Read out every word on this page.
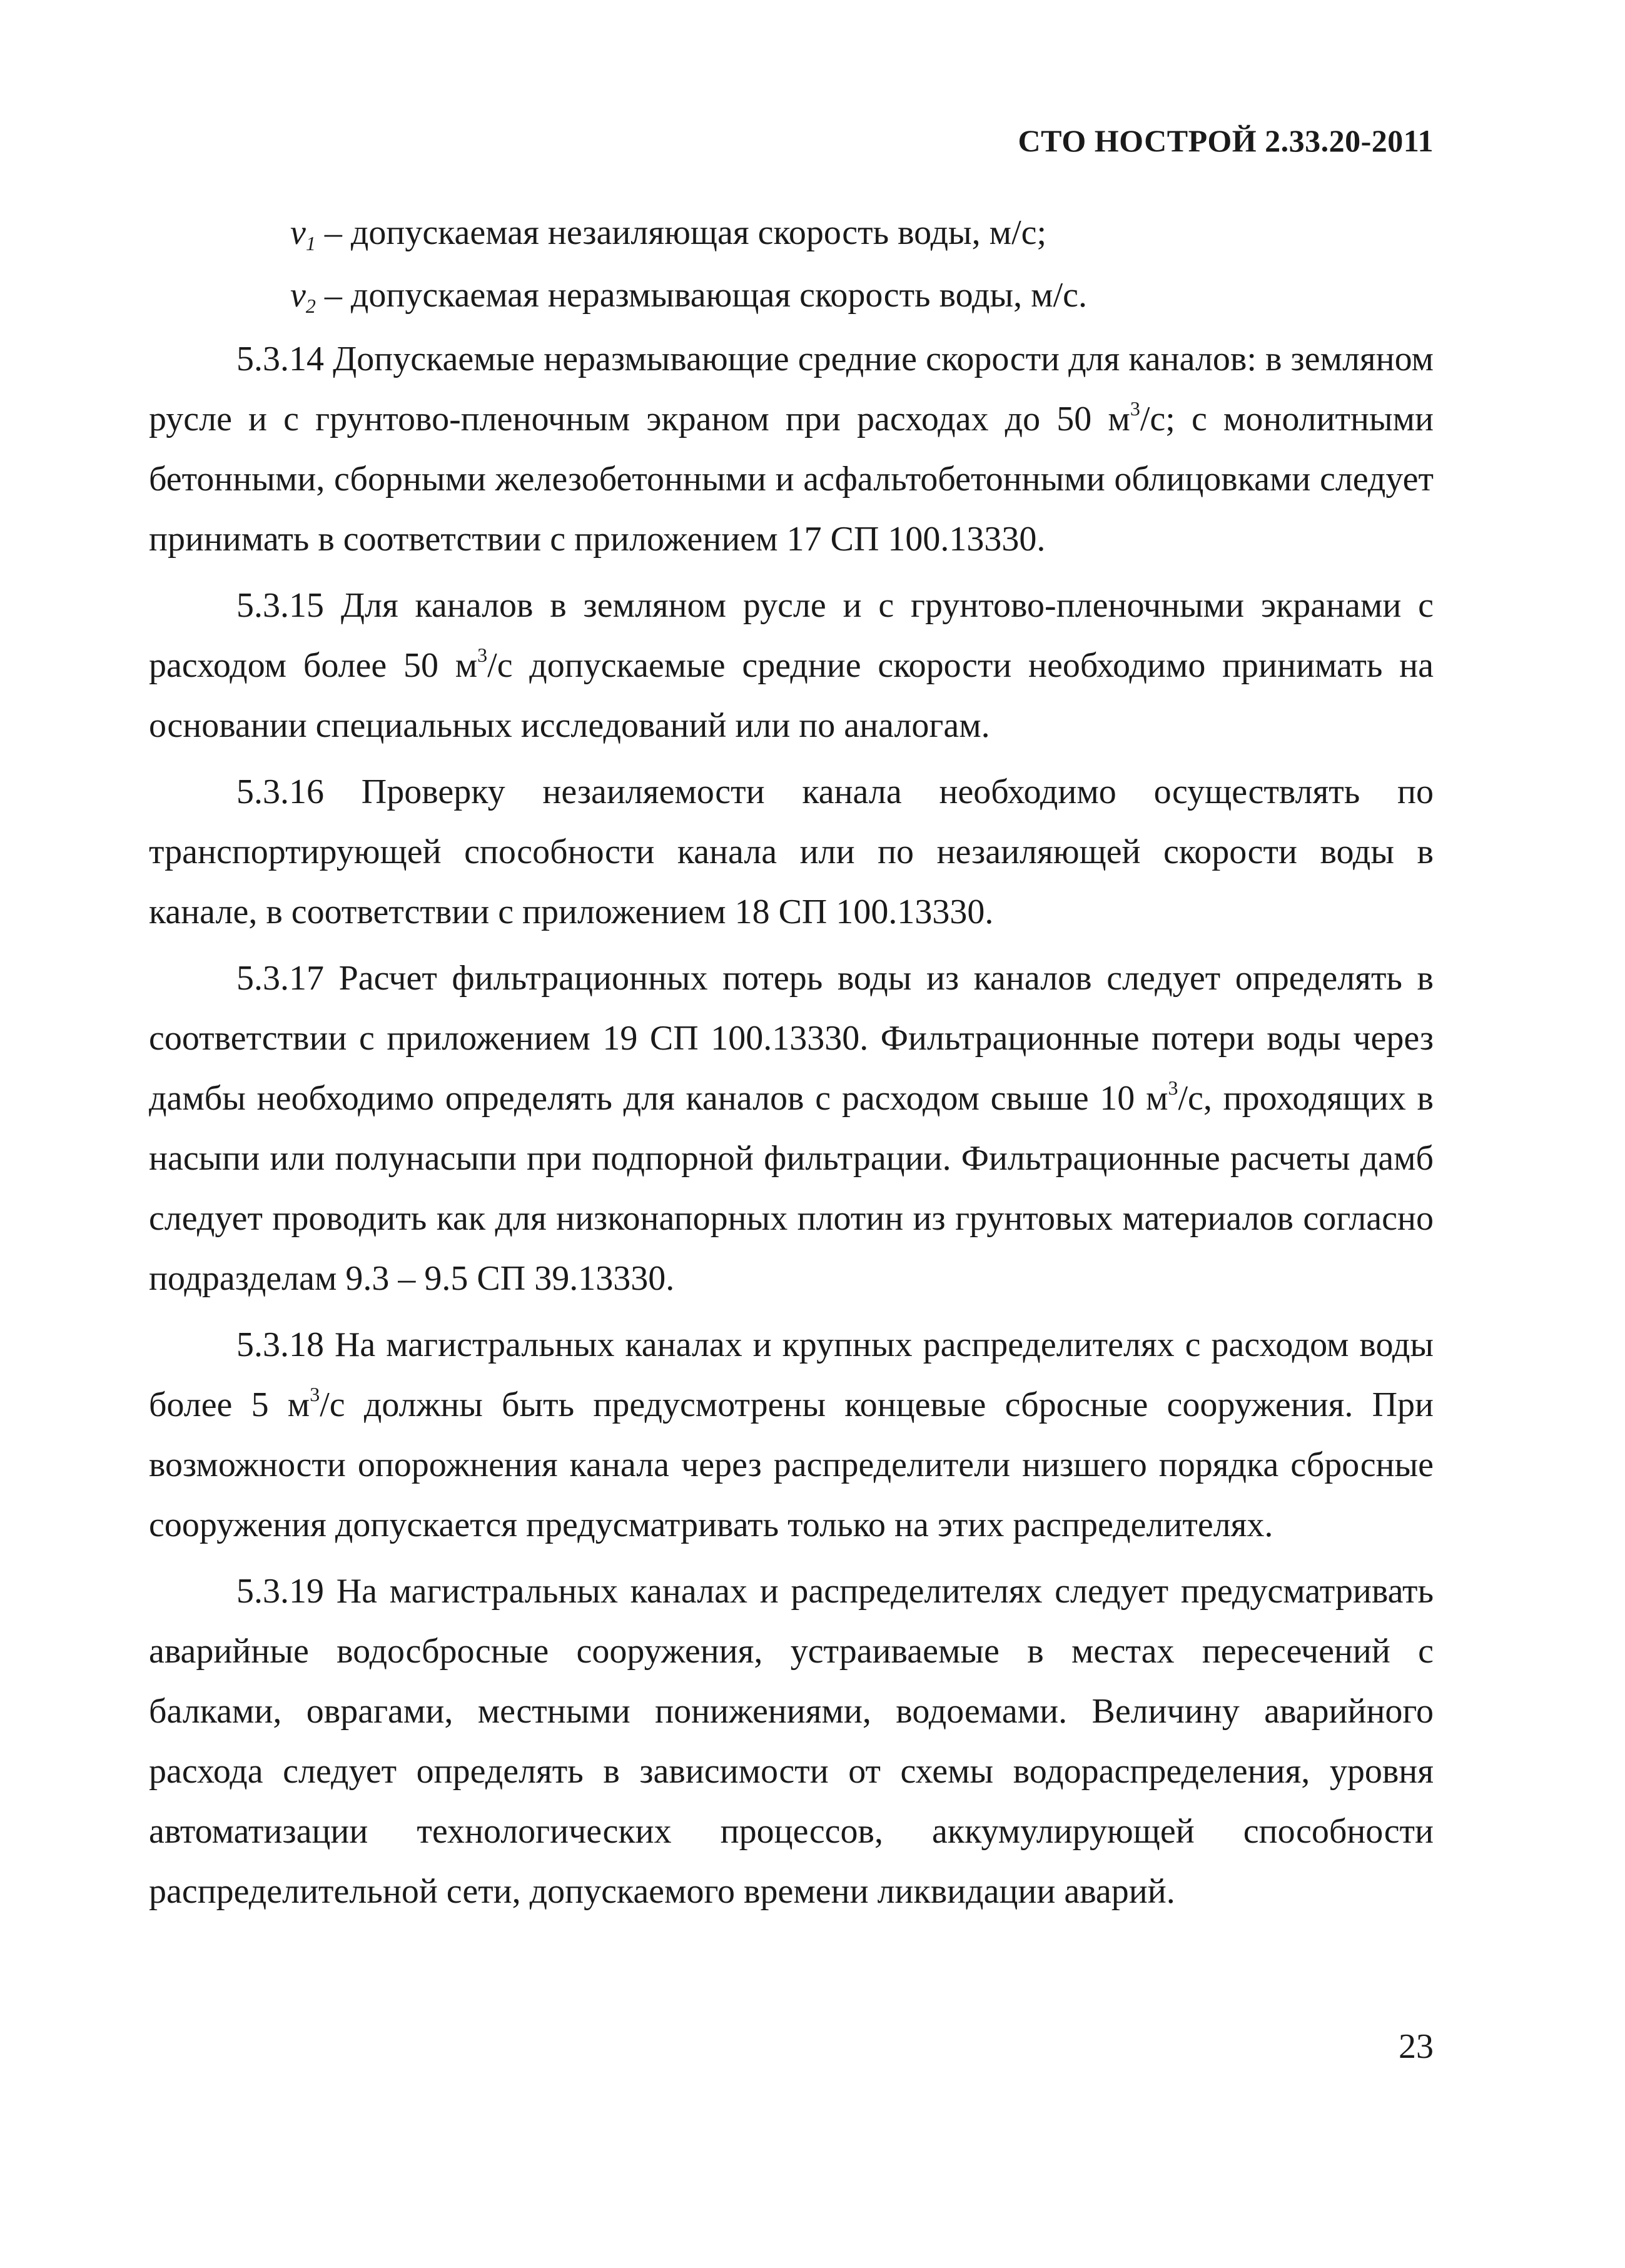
СТО НОСТРОЙ 2.33.20-2011
$v_1$ – допускаемая незаиляющая скорость воды, м/с;
$v_2$ – допускаемая неразмывающая скорость воды, м/с.

5.3.14 Допускаемые неразмывающие средние скорости для каналов: в земляном русле и с грунтово-пленочным экраном при расходах до 50 $м^3/с$; с монолитными бетонными, сборными железобетонными и асфальтобетонными облицовками следует принимать в соответствии с приложением 17 СП 100.13330.

5.3.15 Для каналов в земляном русле и с грунтово-пленочными экранами с расходом более 50 $м^3/с$ допускаемые средние скорости необходимо принимать на основании специальных исследований или по аналогам.

5.3.16 Проверку незаиляемости канала необходимо осуществлять по транспортирующей способности канала или по незаиляющей скорости воды в канале, в соответствии с приложением 18 СП 100.13330.

5.3.17 Расчет фильтрационных потерь воды из каналов следует определять в соответствии с приложением 19 СП 100.13330. Фильтрационные потери воды через дамбы необходимо определять для каналов с расходом свыше 10 $м^3/с$, проходящих в насыпи или полунасыпи при подпорной фильтрации. Фильтрационные расчеты дамб следует проводить как для низконапорных плотин из грунтовых материалов согласно подразделам 9.3 – 9.5 СП 39.13330.

5.3.18 На магистральных каналах и крупных распределителях с расходом воды более 5 $м^3/с$ должны быть предусмотрены концевые сбросные сооружения. При возможности опорожнения канала через распределители низшего порядка сбросные сооружения допускается предусматривать только на этих распределителях.

5.3.19 На магистральных каналах и распределителях следует предусматривать аварийные водосбросные сооружения, устраиваемые в местах пересечений с балками, оврагами, местными понижениями, водоемами. Величину аварийного расхода следует определять в зависимости от схемы водораспределения, уровня автоматизации технологических процессов, аккумулирующей способности распределительной сети, допускаемого времени ликвидации аварий.

23
